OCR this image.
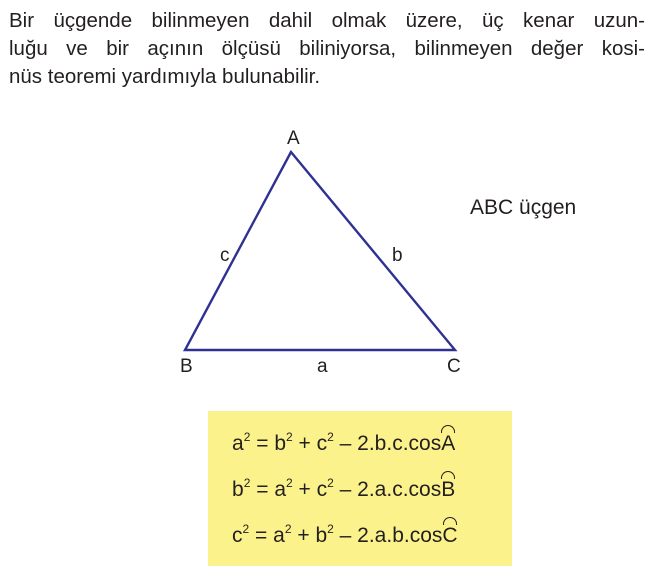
Bir üçgende bilinmeyen dahil olmak üzere, üç kenar uzun-
luğu ve bir açının ölçüsü biliniyorsa, bilinmeyen değer kosi-
nüs teoremi yardımıyla bulunabilir.
A
B	C
c	b
a
ABC üçgen
$a^2 = b^2 + c^2 - 2.b.c.\cos A$
$b^2 = a^2 + c^2 - 2.a.c.\cos B$
$c^2 = a^2 + b^2 - 2.a.b.\cos C$
